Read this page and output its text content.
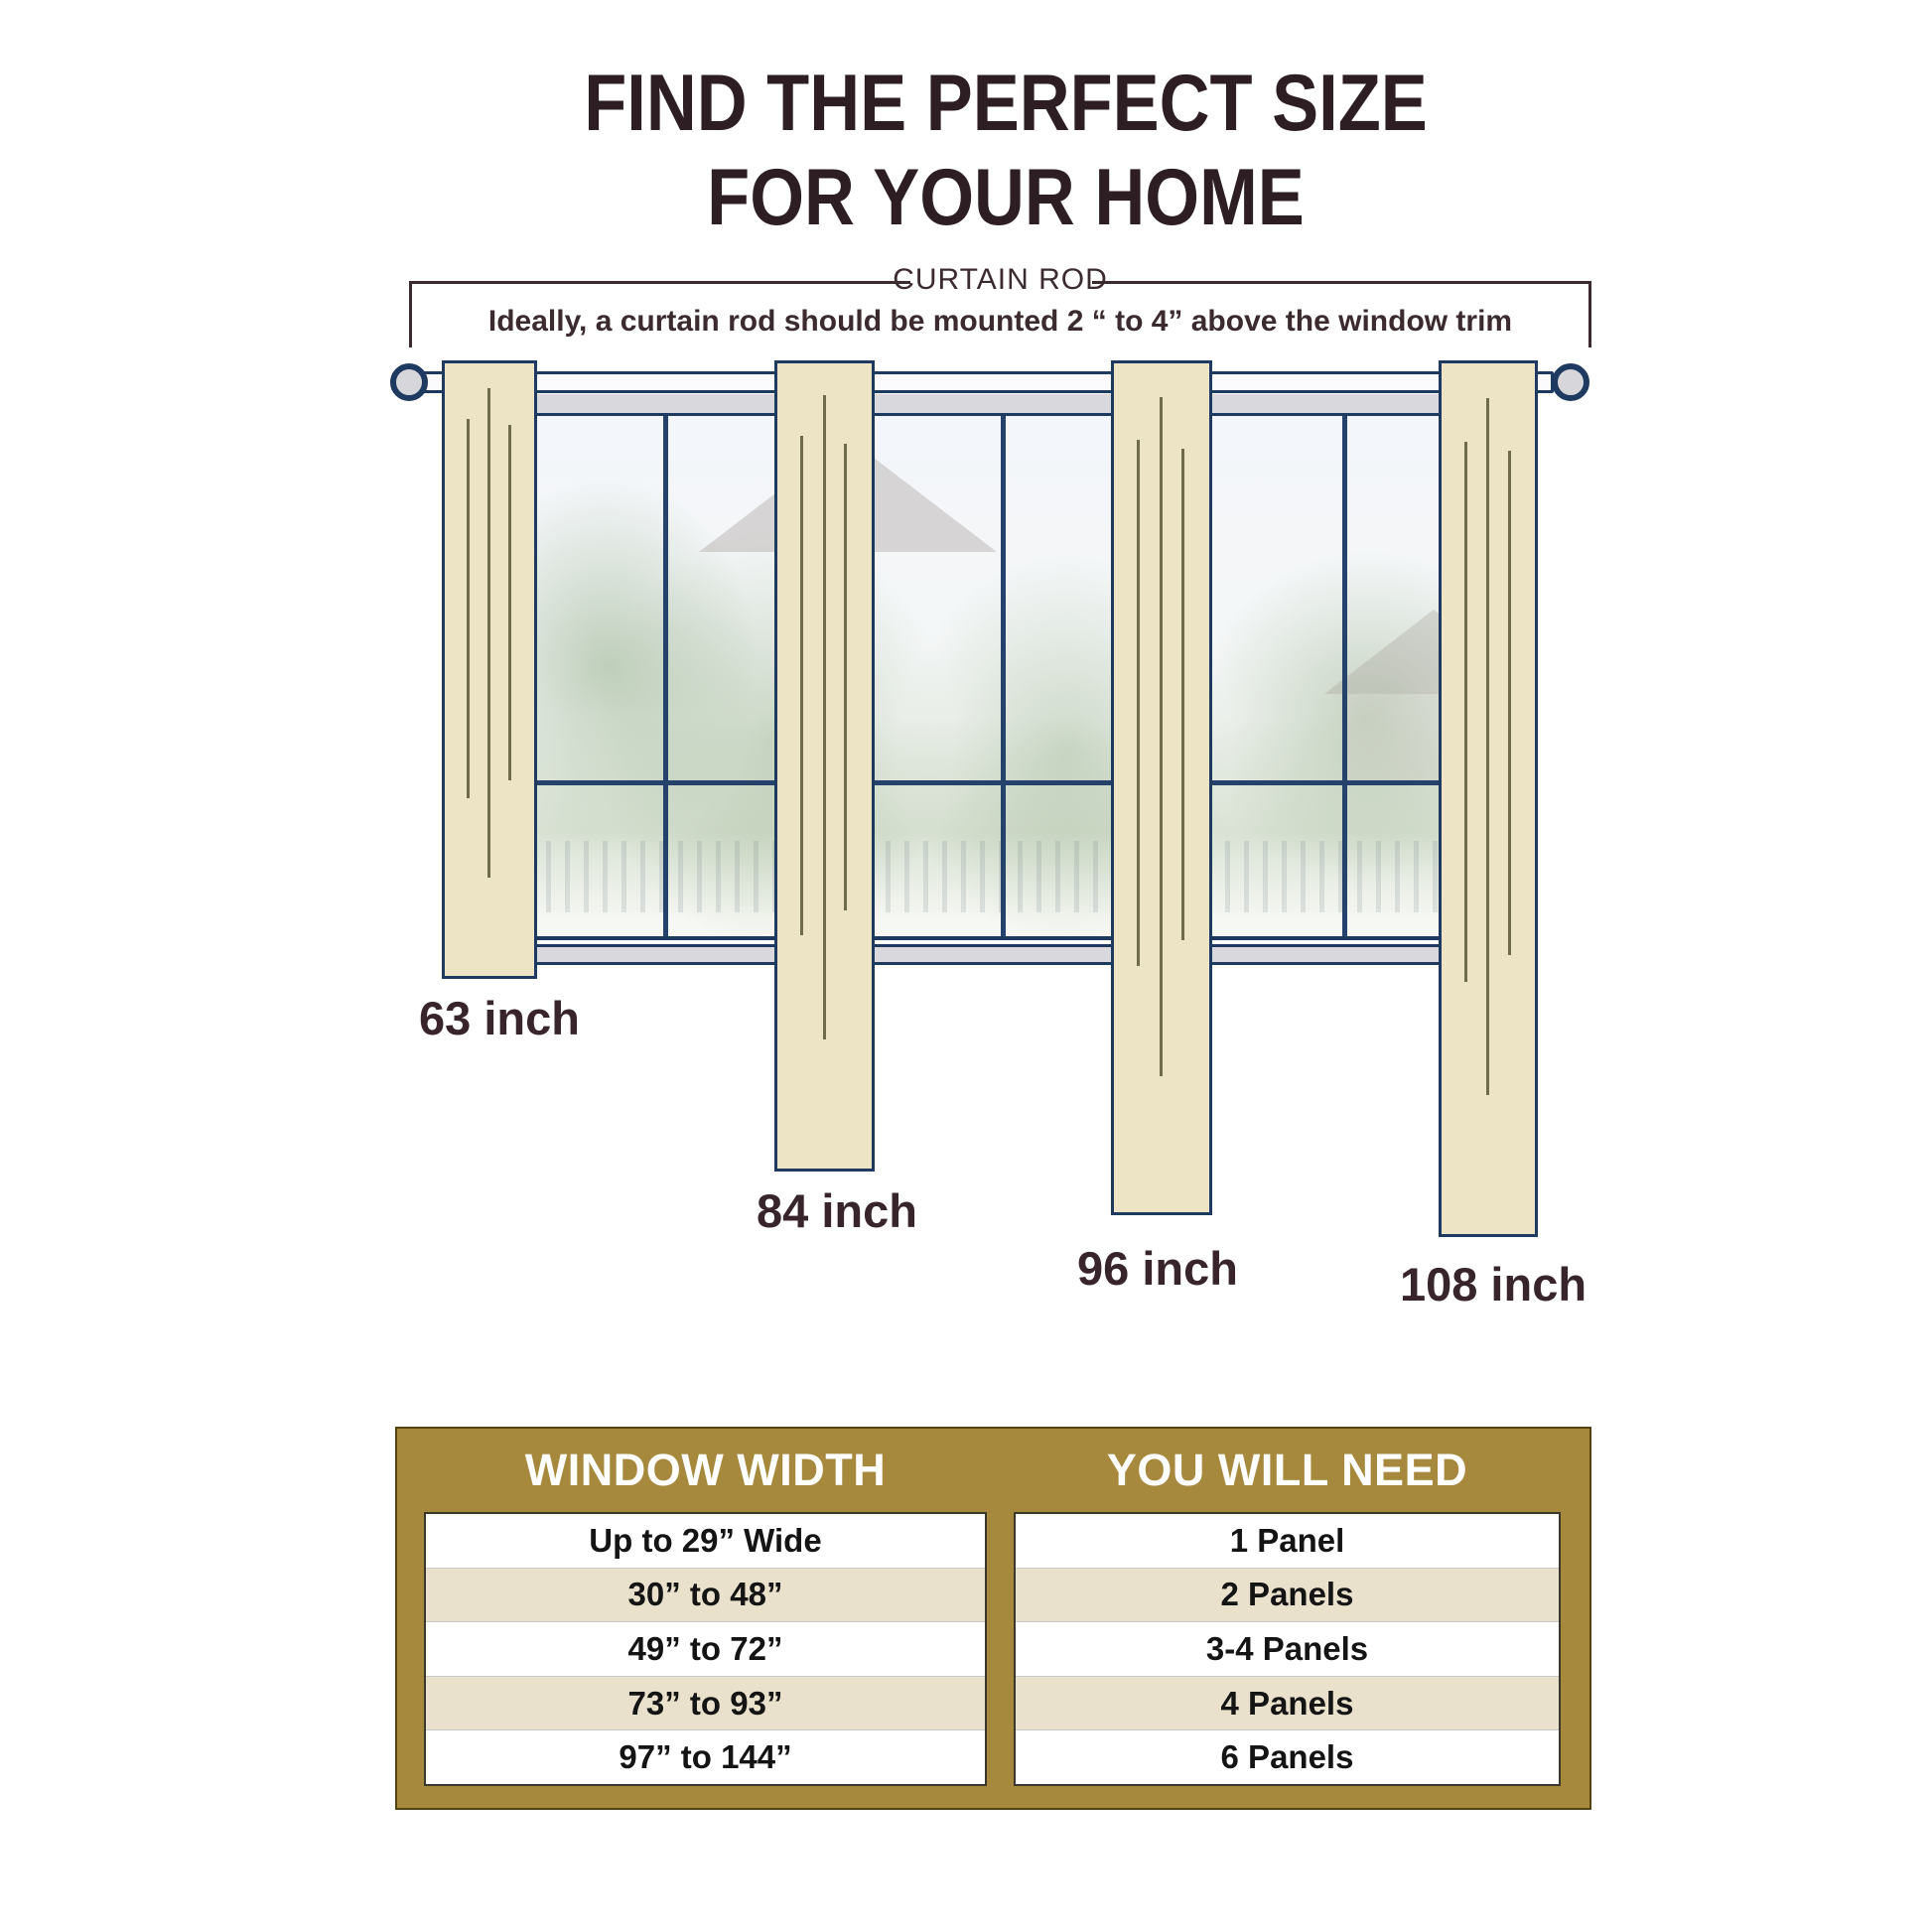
FIND THE PERFECT SIZE
FOR YOUR HOME
CURTAIN ROD
Ideally, a curtain rod should be mounted 2 “ to 4” above the window trim
63 inch
84 inch
96 inch	108 inch
WINDOW WIDTH	YOU WILL NEED
Up to 29” Wide
30” to 48”
49” to 72”
73” to 93”
97” to 144”
1 Panel
2 Panels
3-4 Panels
4 Panels
6 Panels
